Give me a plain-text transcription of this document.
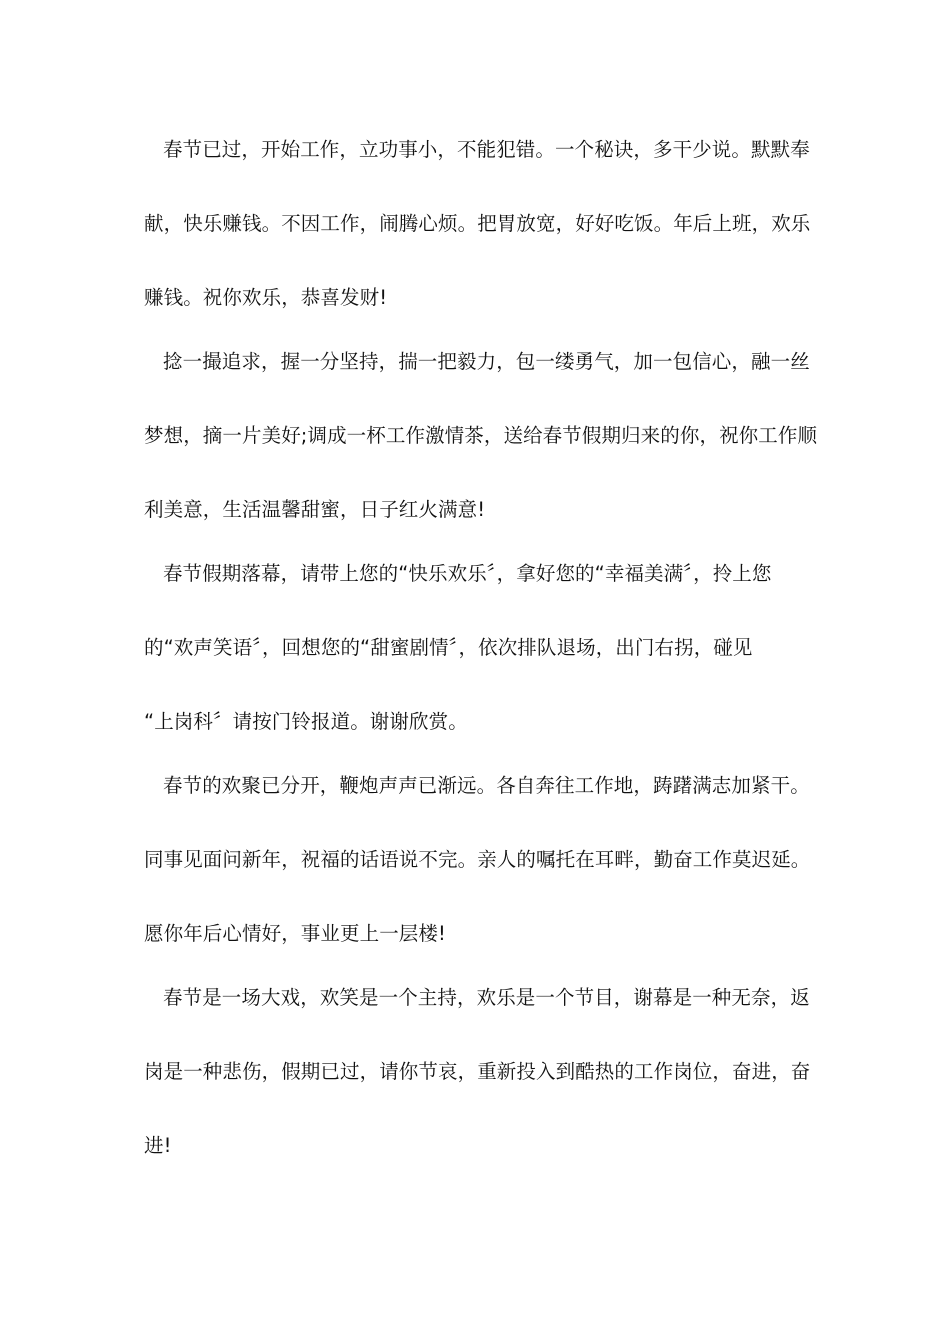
春节已过，开始工作，立功事小，不能犯错。一个秘诀，多干少说。默默奉
献，快乐赚钱。不因工作，闹腾心烦。把胃放宽，好好吃饭。年后上班，欢乐
赚钱。祝你欢乐，恭喜发财!
捻一撮追求，握一分坚持，揣一把毅力，包一缕勇气，加一包信心，融一丝
梦想，摘一片美好;调成一杯工作激情茶，送给春节假期归来的你，祝你工作顺
利美意，生活温馨甜蜜，日子红火满意!
春节假期落幕，请带上您的“快乐欢乐〞，拿好您的“幸福美满〞，拎上您
的“欢声笑语〞，回想您的“甜蜜剧情〞，依次排队退场，出门右拐，碰见
“上岗科〞请按门铃报道。谢谢欣赏。
春节的欢聚已分开，鞭炮声声已渐远。各自奔往工作地，踌躇满志加紧干。
同事见面问新年，祝福的话语说不完。亲人的嘱托在耳畔，勤奋工作莫迟延。
愿你年后心情好，事业更上一层楼!
春节是一场大戏，欢笑是一个主持，欢乐是一个节目，谢幕是一种无奈，返
岗是一种悲伤，假期已过，请你节哀，重新投入到酷热的工作岗位，奋进，奋
进!
